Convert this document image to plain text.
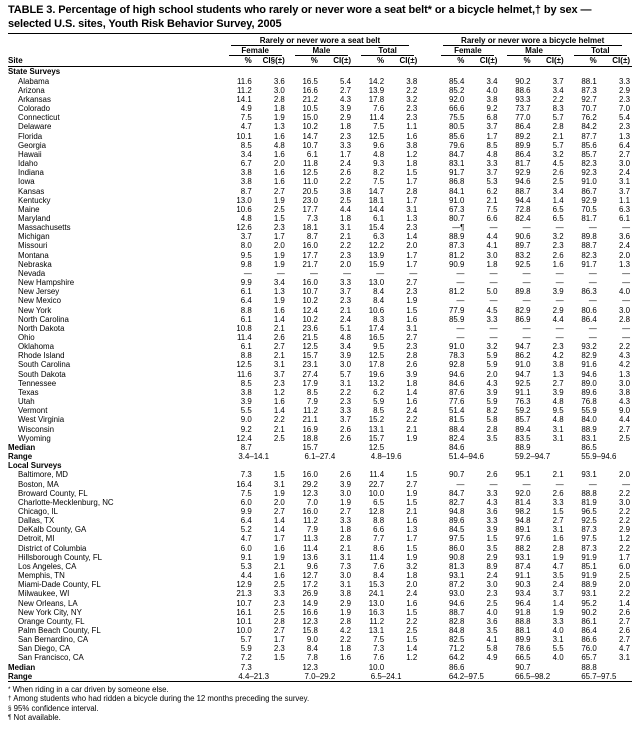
TABLE 3. Percentage of high school students who rarely or never wore a seat belt* or a bicycle helmet,† by sex — selected U.S. sites, Youth Risk Behavior Survey, 2005

	Rarely or never wore a seat belt							Rarely or never wore a bicycle helmet					

	Female		Male		Total			Female		Male		Total	

Site	%	CI§(±)	%	CI(±)	%	CI(±)		%	CI(±)	%	CI(±)	%	CI(±)
State Surveys													
Alabama	11.6	3.6	16.5	5.4	14.2	3.8		85.4	3.4	90.2	3.7	88.1	3.3
Arizona	11.2	3.0	16.6	2.7	13.9	2.2		85.2	4.0	88.6	3.4	87.3	2.9
Arkansas	14.1	2.8	21.2	4.3	17.8	3.2		92.0	3.8	93.3	2.2	92.7	2.3
Colorado	4.9	1.8	10.5	3.9	7.6	2.3		66.6	9.2	73.7	8.3	70.7	7.0
Connecticut	7.5	1.9	15.0	2.9	11.4	2.3		75.5	6.8	77.0	5.7	76.2	5.4
Delaware	4.7	1.3	10.2	1.8	7.5	1.1		80.5	3.7	86.4	2.8	84.2	2.3
Florida	10.1	1.6	14.7	2.3	12.5	1.6		85.6	1.7	89.2	2.1	87.7	1.3
Georgia	8.5	4.8	10.7	3.3	9.6	3.8		79.6	8.5	89.9	5.7	85.6	6.4
Hawaii	3.4	1.6	6.1	1.7	4.8	1.2		84.7	4.8	86.4	3.2	85.7	2.7
Idaho	6.7	2.0	11.8	2.4	9.3	1.8		83.1	3.3	81.7	4.5	82.3	3.0
Indiana	3.8	1.6	12.5	2.6	8.2	1.5		91.7	3.7	92.9	2.6	92.3	2.4
Iowa	3.8	1.6	11.0	2.2	7.5	1.7		86.8	5.3	94.6	2.5	91.0	3.1
Kansas	8.7	2.7	20.5	3.8	14.7	2.8		84.1	6.2	88.7	3.4	86.7	3.7
Kentucky	13.0	1.9	23.0	2.5	18.1	1.7		91.0	2.1	94.4	1.4	92.9	1.1
Maine	10.6	2.5	17.7	4.4	14.4	3.1		67.3	7.5	72.8	6.5	70.5	6.3
Maryland	4.8	1.5	7.3	1.8	6.1	1.3		80.7	6.6	82.4	6.5	81.7	6.1
Massachusetts	12.6	2.3	18.1	3.1	15.4	2.3		—¶	—	—	—	—	—
Michigan	3.7	1.7	8.7	2.1	6.3	1.4		88.9	4.4	90.6	3.2	89.8	3.6
Missouri	8.0	2.0	16.0	2.2	12.2	2.0		87.3	4.1	89.7	2.3	88.7	2.4
Montana	9.5	1.9	17.7	2.3	13.9	1.7		81.2	3.0	83.2	2.6	82.3	2.0
Nebraska	9.8	1.9	21.7	2.0	15.9	1.7		90.9	1.8	92.5	1.6	91.7	1.3
Nevada	—	—	—	—	—	—		—	—	—	—	—	—
New Hampshire	9.9	3.4	16.0	3.3	13.0	2.7		—	—	—	—	—	—
New Jersey	6.1	1.3	10.7	3.7	8.4	2.3		81.2	5.0	89.8	3.9	86.3	4.0
New Mexico	6.4	1.9	10.2	2.3	8.4	1.9		—	—	—	—	—	—
New York	8.8	1.6	12.4	2.1	10.6	1.5		77.9	4.5	82.9	2.9	80.6	3.0
North Carolina	6.1	1.4	10.2	2.4	8.3	1.6		85.9	3.3	86.9	4.4	86.4	2.8
North Dakota	10.8	2.1	23.6	5.1	17.4	3.1		—	—	—	—	—	—
Ohio	11.4	2.6	21.5	4.8	16.5	2.7		—	—	—	—	—	—
Oklahoma	6.1	2.7	12.5	3.4	9.5	2.3		91.0	3.2	94.7	2.3	93.2	2.2
Rhode Island	8.8	2.1	15.7	3.9	12.5	2.8		78.3	5.9	86.2	4.2	82.9	4.3
South Carolina	12.5	3.1	23.1	3.0	17.8	2.6		92.8	5.9	91.0	3.8	91.6	4.2
South Dakota	11.6	3.7	27.4	5.7	19.6	3.9		94.6	2.0	94.7	1.3	94.6	1.3
Tennessee	8.5	2.3	17.9	3.1	13.2	1.8		84.6	4.3	92.5	2.7	89.0	3.0
Texas	3.8	1.2	8.5	2.2	6.2	1.4		87.6	3.9	91.1	3.9	89.6	3.8
Utah	3.9	1.6	7.9	2.3	5.9	1.6		77.6	5.9	76.3	4.8	76.8	4.3
Vermont	5.5	1.4	11.2	3.3	8.5	2.4		51.4	8.2	59.2	9.5	55.9	9.0
West Virginia	9.0	2.2	21.1	3.7	15.2	2.2		81.5	5.8	85.7	4.8	84.0	4.4
Wisconsin	9.2	2.1	16.9	2.6	13.1	2.1		88.4	2.8	89.4	3.1	88.9	2.7
Wyoming	12.4	2.5	18.8	2.6	15.7	1.9		82.4	3.5	83.5	3.1	83.1	2.5
Median	8.7		15.7		12.5			84.6		88.9		86.5	
Range	3.4–14.1		6.1–27.4		4.8–19.6			51.4–94.6		59.2–94.7		55.9–94.6	
Local Surveys													
Baltimore, MD	7.3	1.5	16.0	2.6	11.4	1.5		90.7	2.6	95.1	2.1	93.1	2.0
Boston, MA	16.4	3.1	29.2	3.9	22.7	2.7		—	—	—	—	—	—
Broward County, FL	7.5	1.9	12.3	3.0	10.0	1.9		84.7	3.3	92.0	2.6	88.8	2.2
Charlotte-Mecklenburg, NC	6.0	2.0	7.0	1.9	6.5	1.5		82.7	4.3	81.4	3.3	81.9	3.0
Chicago, IL	9.9	2.7	16.0	2.7	12.8	2.1		94.8	3.6	98.2	1.5	96.5	2.2
Dallas, TX	6.4	1.4	11.2	3.3	8.8	1.6		89.6	3.3	94.8	2.7	92.5	2.2
DeKalb County, GA	5.2	1.4	7.9	1.8	6.6	1.3		84.5	3.9	89.1	3.1	87.3	2.9
Detroit, MI	4.7	1.7	11.3	2.8	7.7	1.7		97.5	1.5	97.6	1.6	97.5	1.2
District of Columbia	6.0	1.6	11.4	2.1	8.6	1.5		86.0	3.5	88.2	2.8	87.3	2.2
Hillsborough County, FL	9.1	1.9	13.6	3.1	11.4	1.9		90.8	2.9	93.1	1.9	91.9	1.7
Los Angeles, CA	5.3	2.1	9.6	7.3	7.6	3.2		81.3	8.9	87.4	4.7	85.1	6.0
Memphis, TN	4.4	1.6	12.7	3.0	8.4	1.8		93.1	2.4	91.1	3.5	91.9	2.5
Miami-Dade County, FL	12.9	2.5	17.2	3.1	15.3	2.0		87.2	3.0	90.3	2.4	88.9	2.0
Milwaukee, WI	21.3	3.3	26.9	3.8	24.1	2.4		93.0	2.3	93.4	3.7	93.1	2.2
New Orleans, LA	10.7	2.3	14.9	2.9	13.0	1.6		94.6	2.5	96.4	1.4	95.2	1.4
New York City, NY	16.1	2.5	16.6	1.9	16.3	1.5		88.7	4.0	91.8	1.9	90.2	2.6
Orange County, FL	10.1	2.8	12.3	2.8	11.2	2.2		82.8	3.6	88.8	3.3	86.1	2.7
Palm Beach County, FL	10.0	2.7	15.8	4.2	13.1	2.5		84.8	3.5	88.1	4.0	86.4	2.6
San Bernardino, CA	5.7	1.7	9.0	2.2	7.5	1.5		82.5	4.1	89.9	3.1	86.6	2.7
San Diego, CA	5.9	2.3	8.4	1.8	7.3	1.4		71.2	5.8	78.6	5.5	76.0	4.7
San Francisco, CA	7.2	1.5	7.8	1.6	7.6	1.2		64.2	4.9	66.5	4.0	65.7	3.1
Median	7.3		12.3		10.0			86.6		90.7		88.8	
Range	4.4–21.3		7.0–29.2		6.5–24.1			64.2–97.5		66.5–98.2		65.7–97.5	
* When riding in a car driven by someone else.
† Among students who had ridden a bicycle during the 12 months preceding the survey.
§ 95% confidence interval.
¶ Not available.
